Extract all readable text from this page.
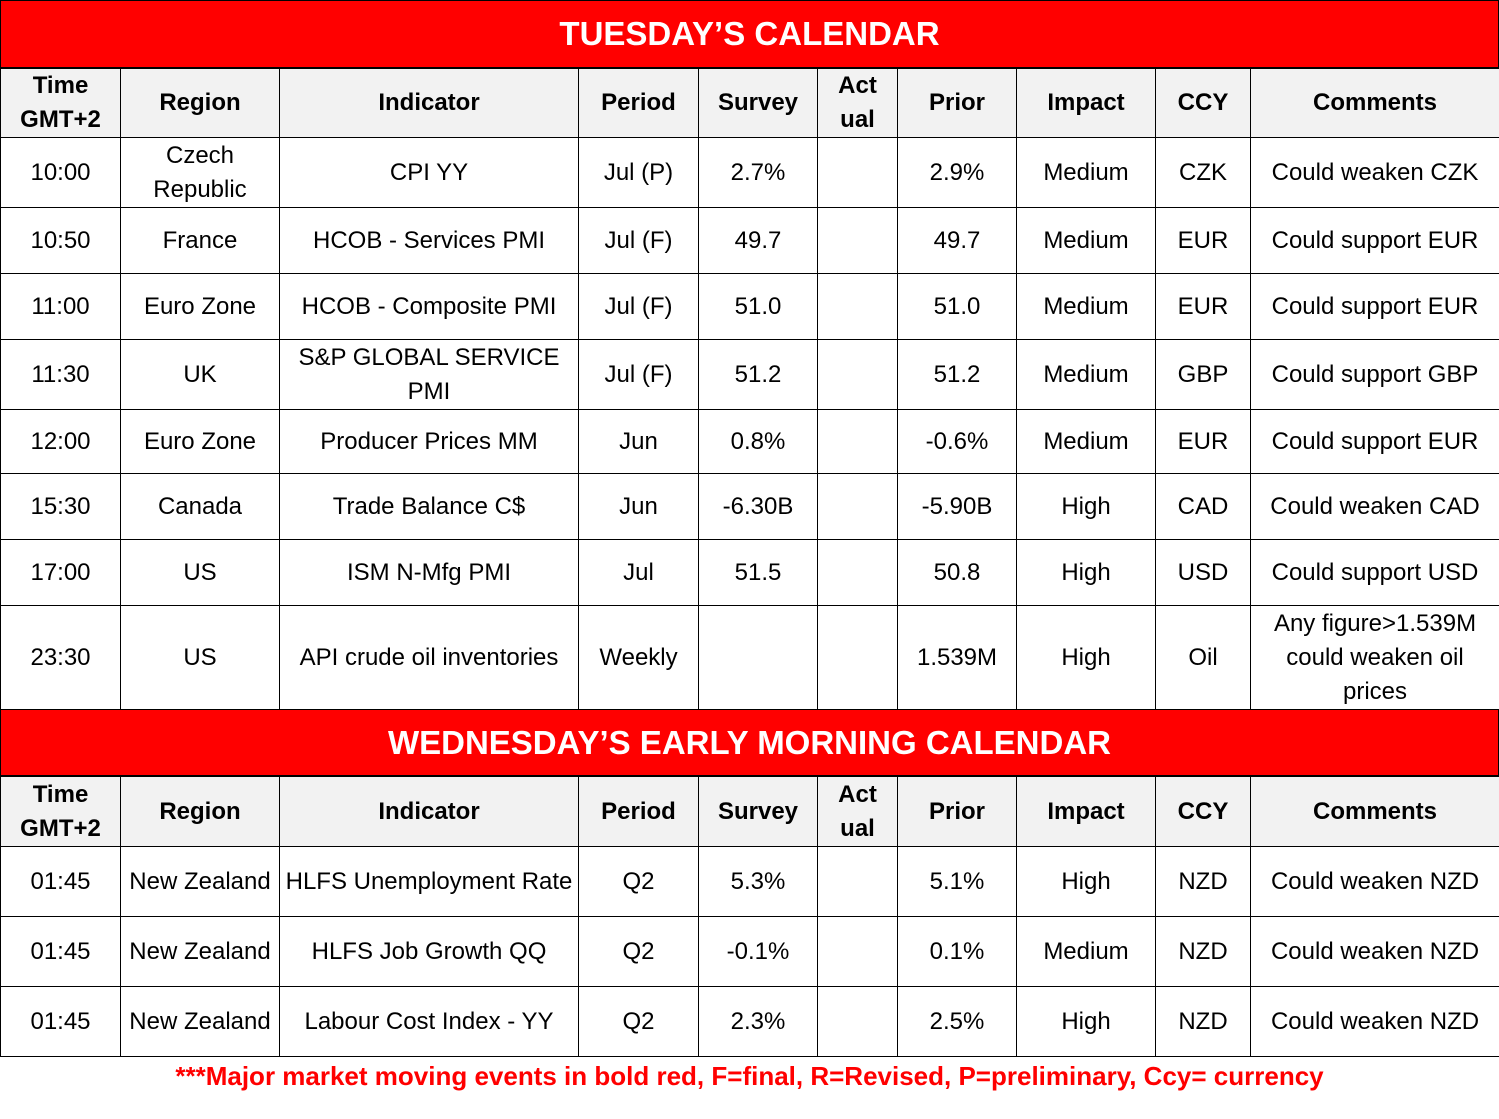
TUESDAY’S CALENDAR
Time GMT+2	Region	Indicator	Period	Survey	Act ual	Prior	Impact	CCY	Comments
10:00	Czech Republic	CPI YY	Jul (P)	2.7%		2.9%	Medium	CZK	Could weaken CZK
10:50	France	HCOB - Services PMI	Jul (F)	49.7		49.7	Medium	EUR	Could support EUR
11:00	Euro Zone	HCOB - Composite PMI	Jul (F)	51.0		51.0	Medium	EUR	Could support EUR
11:30	UK	S&P GLOBAL SERVICE PMI	Jul (F)	51.2		51.2	Medium	GBP	Could support GBP
12:00	Euro Zone	Producer Prices MM	Jun	0.8%		-0.6%	Medium	EUR	Could support EUR
15:30	Canada	Trade Balance C$	Jun	-6.30B		-5.90B	High	CAD	Could weaken CAD
17:00	US	ISM N-Mfg PMI	Jul	51.5		50.8	High	USD	Could support USD
23:30	US	API crude oil inventories	Weekly			1.539M	High	Oil	Any figure>1.539M could weaken oil prices
WEDNESDAY’S EARLY MORNING CALENDAR
Time GMT+2	Region	Indicator	Period	Survey	Act ual	Prior	Impact	CCY	Comments
01:45	New Zealand	HLFS Unemployment Rate	Q2	5.3%		5.1%	High	NZD	Could weaken NZD
01:45	New Zealand	HLFS Job Growth QQ	Q2	-0.1%		0.1%	Medium	NZD	Could weaken NZD
01:45	New Zealand	Labour Cost Index - YY	Q2	2.3%		2.5%	High	NZD	Could weaken NZD
***Major market moving events in bold red, F=final, R=Revised, P=preliminary, Ccy= currency
